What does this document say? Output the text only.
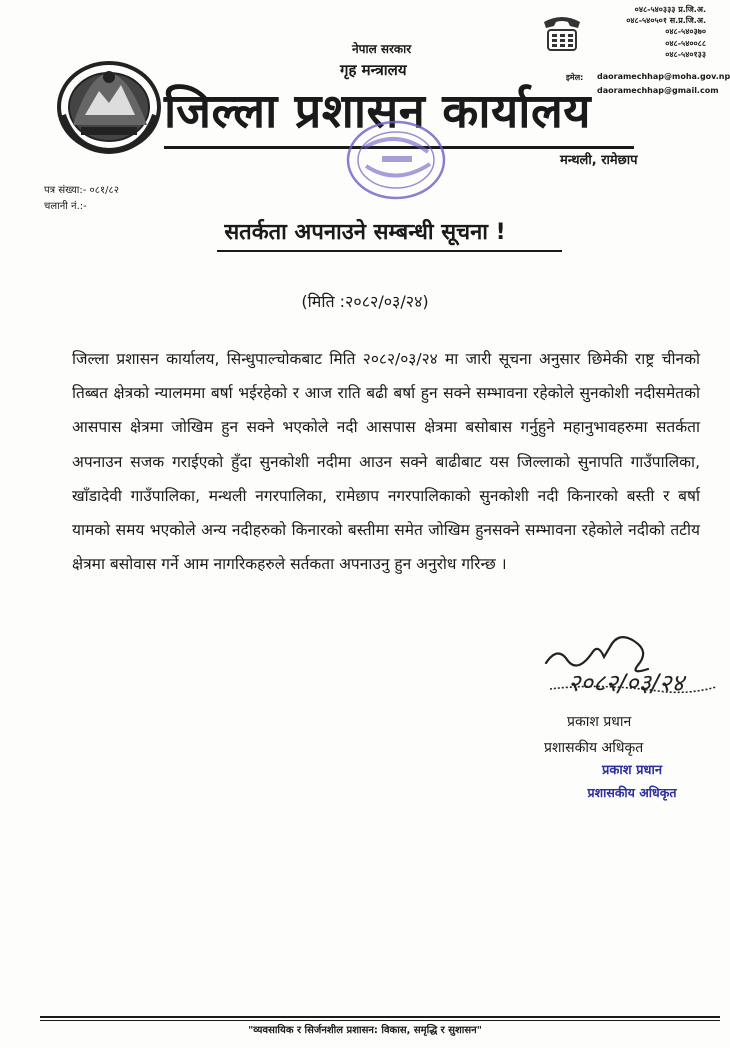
नेपाल सरकार
गृह मन्त्रालय
जिल्ला प्रशासन कार्यालय
०४८-५४०३३३ प्र.जि.अ.
०४८-५४०५०१ स.प्र.जि.अ.
०४८-५४०३७०
०४८-५४००८८
०४८-५४०१३३
इमेल: daoramechhap@moha.gov.np
daoramechhap@gmail.com
मन्थली, रामेछाप
पत्र संख्या:- ०८१/८२
चलानी नं.:-
सतर्कता अपनाउने सम्बन्धी सूचना !
(मिति :२०८२/०३/२४)
जिल्ला प्रशासन कार्यालय, सिन्धुपाल्चोकबाट मिति २०८२/०३/२४ मा जारी सूचना अनुसार छिमेकी राष्ट्र चीनको तिब्बत क्षेत्रको न्यालममा बर्षा भईरहेको र आज राति बढी बर्षा हुन सक्ने सम्भावना रहेकोले सुनकोशी नदीसमेतको आसपास क्षेत्रमा जोखिम हुन सक्ने भएकोले नदी आसपास क्षेत्रमा बसोबास गर्नुहुने महानुभावहरुमा सतर्कता अपनाउन सजक गराईएको हुँदा सुनकोशी नदीमा आउन सक्ने बाढीबाट यस जिल्लाको सुनापति गाउँपालिका, खाँडादेवी गाउँपालिका, मन्थली नगरपालिका, रामेछाप नगरपालिकाको सुनकोशी नदी किनारको बस्ती र बर्षा यामको समय भएकोले अन्य नदीहरुको किनारको बस्तीमा समेत जोखिम हुनसक्ने सम्भावना रहेकोले नदीको तटीय क्षेत्रमा बसोवास गर्ने आम नागरिकहरुले सर्तकता अपनाउनु हुन अनुरोध गरिन्छ ।
२०८२/०३/२४
प्रकाश प्रधान
प्रशासकीय अधिकृत
प्रकाश प्रधान
प्रशासकीय अधिकृत
"व्यवसायिक र सिर्जनशील प्रशासन: विकास, समृद्धि र सुशासन"
